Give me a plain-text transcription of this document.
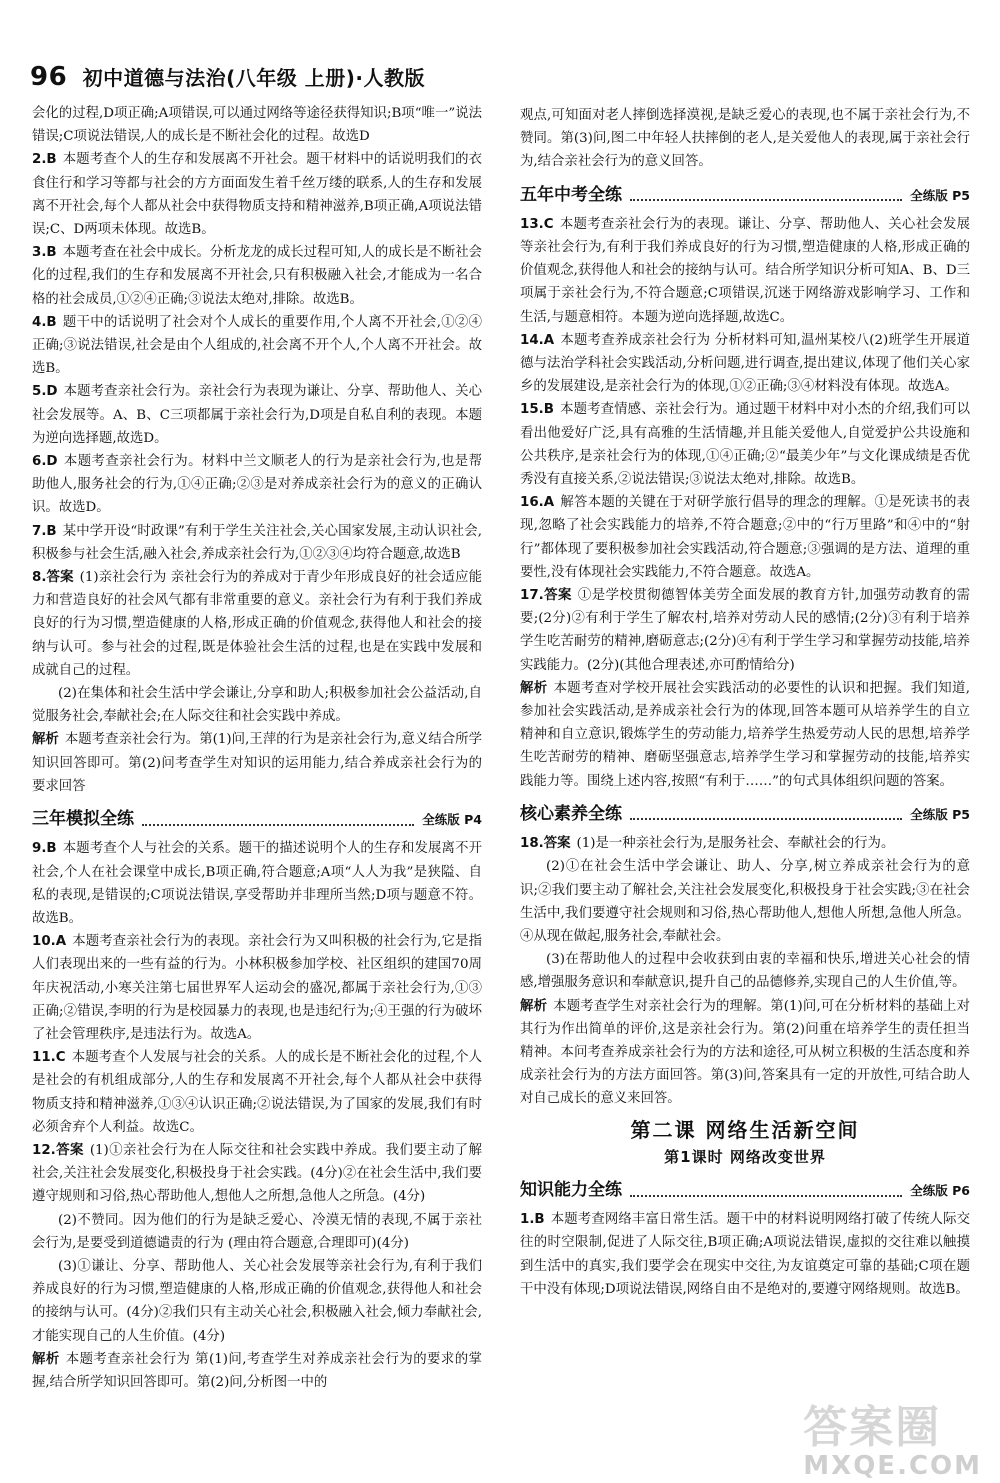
96 初中道德与法治(八年级 上册)·人教版

会化的过程,D项正确;A项错误,可以通过网络等途径获得知识;B项“唯一”说法错误;C项说法错误,人的成长是不断社会化的过程。故选D

2.B 本题考查个人的生存和发展离不开社会。题干材料中的话说明我们的衣食住行和学习等都与社会的方方面面发生着千丝万缕的联系,人的生存和发展离不开社会,每个人都从社会中获得物质支持和精神滋养,B项正确,A项说法错误;C、D两项未体现。故选B。

3.B 本题考查在社会中成长。分析龙龙的成长过程可知,人的成长是不断社会化的过程,我们的生存和发展离不开社会,只有积极融入社会,才能成为一名合格的社会成员,①②④正确;③说法太绝对,排除。故选B。

4.B 题干中的话说明了社会对个人成长的重要作用,个人离不开社会,①②④正确;③说法错误,社会是由个人组成的,社会离不开个人,个人离不开社会。故选B。

5.D 本题考查亲社会行为。亲社会行为表现为谦让、分享、帮助他人、关心社会发展等。A、B、C三项都属于亲社会行为,D项是自私自利的表现。本题为逆向选择题,故选D。

6.D 本题考查亲社会行为。材料中兰文顺老人的行为是亲社会行为,也是帮助他人,服务社会的行为,①④正确;②③是对养成亲社会行为的意义的正确认识。故选D。

7.B 某中学开设“时政课”有利于学生关注社会,关心国家发展,主动认识社会,积极参与社会生活,融入社会,养成亲社会行为,①②③④均符合题意,故选B

8.答案 (1)亲社会行为 亲社会行为的养成对于青少年形成良好的社会适应能力和营造良好的社会风气都有非常重要的意义。亲社会行为有利于我们养成良好的行为习惯,塑造健康的人格,形成正确的价值观念,获得他人和社会的接纳与认可。参与社会的过程,既是体验社会生活的过程,也是在实践中发展和成就自己的过程。

(2)在集体和社会生活中学会谦让,分享和助人;积极参加社会公益活动,自觉服务社会,奉献社会;在人际交往和社会实践中养成。

解析 本题考查亲社会行为。第(1)问,王萍的行为是亲社会行为,意义结合所学知识回答即可。第(2)问考查学生对知识的运用能力,结合养成亲社会行为的要求回答

三年模拟全练	全练版 P4

9.B 本题考查个人与社会的关系。题干的描述说明个人的生存和发展离不开社会,个人在社会课堂中成长,B项正确,符合题意;A项“人人为我”是狭隘、自私的表现,是错误的;C项说法错误,享受帮助并非理所当然;D项与题意不符。故选B。

10.A 本题考查亲社会行为的表现。亲社会行为又叫积极的社会行为,它是指人们表现出来的一些有益的行为。小林积极参加学校、社区组织的建国70周年庆祝活动,小寒关注第七届世界军人运动会的盛况,都属于亲社会行为,①③正确;②错误,李明的行为是校园暴力的表现,也是违纪行为;④王强的行为破坏了社会管理秩序,是违法行为。故选A。

11.C 本题考查个人发展与社会的关系。人的成长是不断社会化的过程,个人是社会的有机组成部分,人的生存和发展离不开社会,每个人都从社会中获得物质支持和精神滋养,①③④认识正确;②说法错误,为了国家的发展,我们有时必须舍弃个人利益。故选C。

12.答案 (1)①亲社会行为在人际交往和社会实践中养成。我们要主动了解社会,关注社会发展变化,积极投身于社会实践。(4分)②在社会生活中,我们要遵守规则和习俗,热心帮助他人,想他人之所想,急他人之所急。(4分)

(2)不赞同。因为他们的行为是缺乏爱心、冷漠无情的表现,不属于亲社会行为,是要受到道德谴责的行为 (理由符合题意,合理即可)(4分)

(3)①谦让、分享、帮助他人、关心社会发展等亲社会行为,有利于我们养成良好的行为习惯,塑造健康的人格,形成正确的价值观念,获得他人和社会的接纳与认可。(4分)②我们只有主动关心社会,积极融入社会,倾力奉献社会,才能实现自己的人生价值。(4分)

解析 本题考查亲社会行为 第(1)问,考查学生对养成亲社会行为的要求的掌握,结合所学知识回答即可。第(2)问,分析图一中的

观点,可知面对老人摔倒选择漠视,是缺乏爱心的表现,也不属于亲社会行为,不赞同。第(3)问,图二中年轻人扶摔倒的老人,是关爱他人的表现,属于亲社会行为,结合亲社会行为的意义回答。

五年中考全练	全练版 P5

13.C 本题考查亲社会行为的表现。谦让、分享、帮助他人、关心社会发展等亲社会行为,有利于我们养成良好的行为习惯,塑造健康的人格,形成正确的价值观念,获得他人和社会的接纳与认可。结合所学知识分析可知A、B、D三项属于亲社会行为,不符合题意;C项错误,沉迷于网络游戏影响学习、工作和生活,与题意相符。本题为逆向选择题,故选C。

14.A 本题考查养成亲社会行为 分析材料可知,温州某校八(2)班学生开展道德与法治学科社会实践活动,分析问题,进行调查,提出建议,体现了他们关心家乡的发展建设,是亲社会行为的体现,①②正确;③④材料没有体现。故选A。

15.B 本题考查情感、亲社会行为。通过题干材料中对小杰的介绍,我们可以看出他爱好广泛,具有高雅的生活情趣,并且能关爱他人,自觉爱护公共设施和公共秩序,是亲社会行为的体现,①④正确;②“最美少年”与文化课成绩是否优秀没有直接关系,②说法错误;③说法太绝对,排除。故选B。

16.A 解答本题的关键在于对研学旅行倡导的理念的理解。①是死读书的表现,忽略了社会实践能力的培养,不符合题意;②中的“行万里路”和④中的“射行”都体现了要积极参加社会实践活动,符合题意;③强调的是方法、道理的重要性,没有体现社会实践能力,不符合题意。故选A。

17.答案 ①是学校贯彻德智体美劳全面发展的教育方针,加强劳动教育的需要;(2分)②有利于学生了解农村,培养对劳动人民的感情;(2分)③有利于培养学生吃苦耐劳的精神,磨砺意志;(2分)④有利于学生学习和掌握劳动技能,培养实践能力。(2分)(其他合理表述,亦可酌情给分)

解析 本题考查对学校开展社会实践活动的必要性的认识和把握。我们知道,参加社会实践活动,是养成亲社会行为的体现,回答本题可从培养学生的自立精神和自立意识,锻炼学生的劳动能力,培养学生热爱劳动人民的思想,培养学生吃苦耐劳的精神、磨砺坚强意志,培养学生学习和掌握劳动的技能,培养实践能力等。围绕上述内容,按照“有利于……”的句式具体组织问题的答案。

核心素养全练	全练版 P5

18.答案 (1)是一种亲社会行为,是服务社会、奉献社会的行为。

(2)①在社会生活中学会谦让、助人、分享,树立养成亲社会行为的意识;②我们要主动了解社会,关注社会发展变化,积极投身于社会实践;③在社会生活中,我们要遵守社会规则和习俗,热心帮助他人,想他人所想,急他人所急。④从现在做起,服务社会,奉献社会。

(3)在帮助他人的过程中会收获到由衷的幸福和快乐,增进关心社会的情感,增强服务意识和奉献意识,提升自己的品德修养,实现自己的人生价值,等。

解析 本题考查学生对亲社会行为的理解。第(1)问,可在分析材料的基础上对其行为作出简单的评价,这是亲社会行为。第(2)问重在培养学生的责任担当精神。本问考查养成亲社会行为的方法和途径,可从树立积极的生活态度和养成亲社会行为的方法方面回答。第(3)问,答案具有一定的开放性,可结合助人对自己成长的意义来回答。

第二课 网络生活新空间
第1课时 网络改变世界
知识能力全练	全练版 P6

1.B 本题考查网络丰富日常生活。题干中的材料说明网络打破了传统人际交往的时空限制,促进了人际交往,B项正确;A项说法错误,虚拟的交往难以触摸到生活中的真实,我们要学会在现实中交往,为友谊奠定可靠的基础;C项在题干中没有体现;D项说法错误,网络自由不是绝对的,要遵守网络规则。故选B。

答案圈
MXQE.COM
